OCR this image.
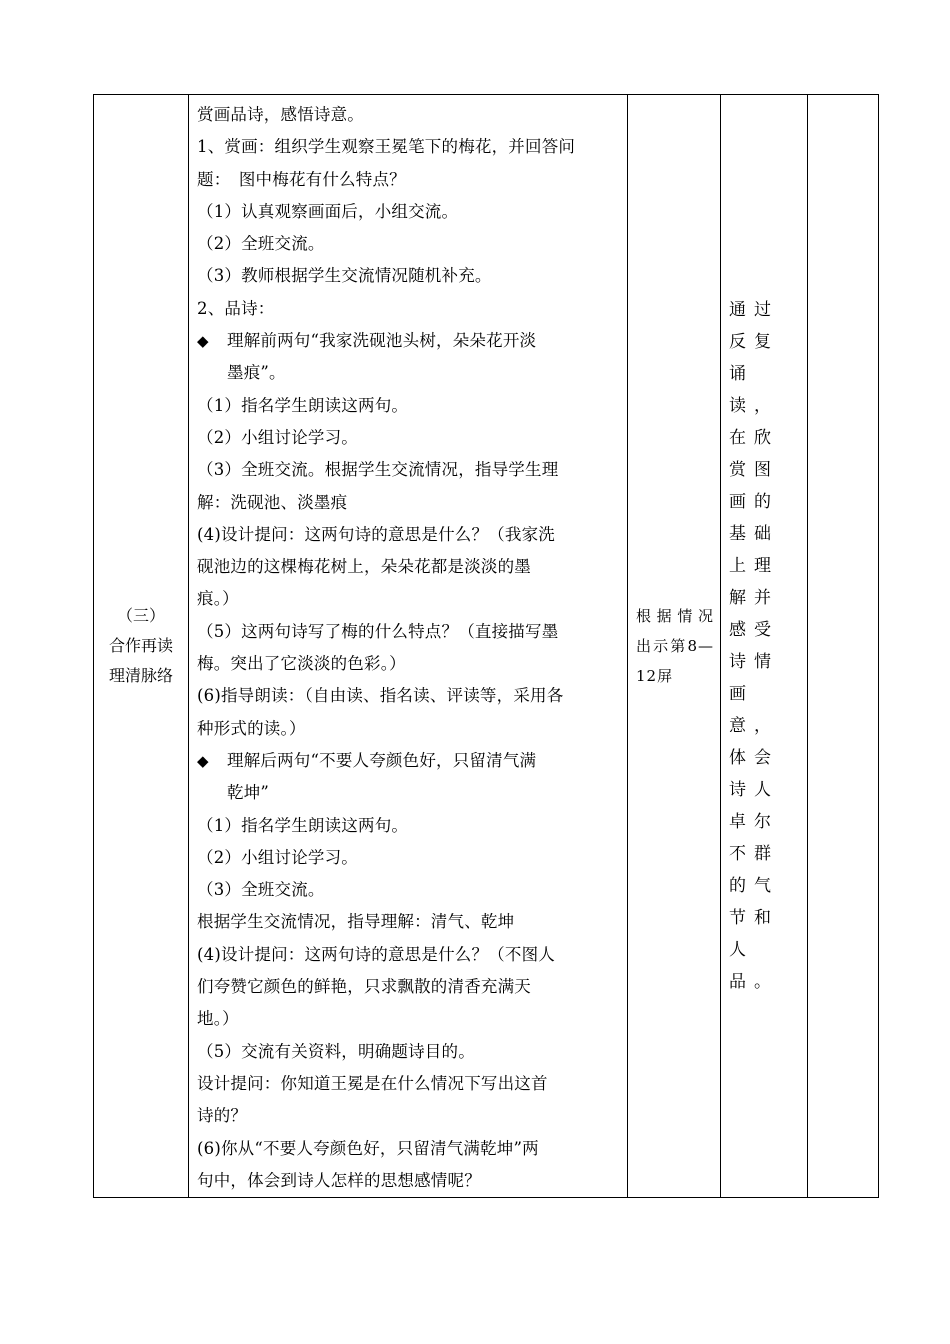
（三）
合作再读
理清脉络

赏画品诗，感悟诗意。
1、赏画：组织学生观察王冕笔下的梅花，并回答问
题：　图中梅花有什么特点？
（1）认真观察画面后，小组交流。
（2）全班交流。
（3）教师根据学生交流情况随机补充。
2、品诗：
◆ 理解前两句“我家洗砚池头树，朵朵花开淡
墨痕”。
（1）指名学生朗读这两句。
（2）小组讨论学习。
（3）全班交流。根据学生交流情况，指导学生理
解：洗砚池、淡墨痕
(4)设计提问：这两句诗的意思是什么？（我家洗
砚池边的这棵梅花树上，朵朵花都是淡淡的墨
痕。）
（5）这两句诗写了梅的什么特点？（直接描写墨
梅。突出了它淡淡的色彩。）
(6)指导朗读：（自由读、指名读、评读等，采用各
种形式的读。）
◆ 理解后两句“不要人夸颜色好，只留清气满
乾坤”
（1）指名学生朗读这两句。
（2）小组讨论学习。
（3）全班交流。
根据学生交流情况，指导理解：清气、乾坤
(4)设计提问：这两句诗的意思是什么？（不图人
们夸赞它颜色的鲜艳，只求飘散的清香充满天
地。）
（5）交流有关资料，明确题诗目的。
设计提问：你知道王冕是在什么情况下写出这首
诗的？
(6)你从“不要人夸颜色好，只留清气满乾坤”两
句中，体会到诗人怎样的思想感情呢？

根据情况出示第8—12屏

通过反复诵读，在欣赏图画的基础上理解并感受诗情画意，体会诗人卓尔不群的气节和人品。
